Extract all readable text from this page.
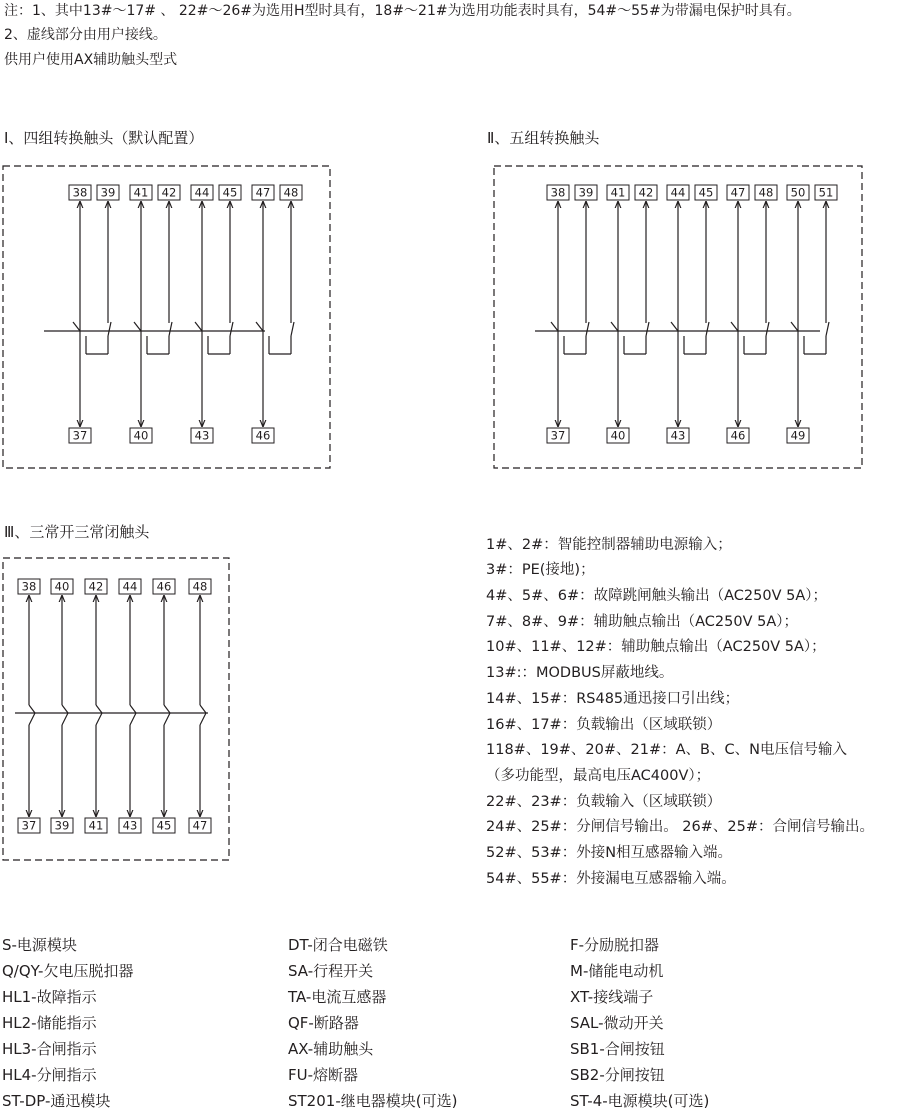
注：1、其中13#～17# 、 22#～26#为选用H型时具有，18#～21#为选用功能表时具有，54#～55#为带漏电保护时具有。
2、虚线部分由用户接线。
供用户使用AX辅助触头型式
Ⅰ、四组转换触头（默认配置）	Ⅱ、五组转换触头
Ⅲ、三常开三常闭触头
38 39
37
41 42
40
44 45
43
47 48
46
38 39
37
41 42
40
44 45
43
47 48
46
50 51
49
38
37
40
39
42
41
44
43
46
45
48
47
1#、2#：智能控制器辅助电源输入；
3#：PE(接地)；
4#、5#、6#：故障跳闸触头输出（AC250V 5A）；
7#、8#、9#：辅助触点输出（AC250V 5A）；
10#、11#、12#：辅助触点输出（AC250V 5A）；
13#:：MODBUS屏蔽地线。
14#、15#：RS485通迅接口引出线；
16#、17#：负载输出（区域联锁）
118#、19#、20#、21#：A、B、C、N电压信号输入
（多功能型，最高电压AC400V）；
22#、23#：负载输入（区域联锁）
24#、25#：分闸信号输出。 26#、25#：合闸信号输出。
52#、53#：外接N相互感器输入端。
54#、55#：外接漏电互感器输入端。
S-电源模块
Q/QY-欠电压脱扣器
HL1-故障指示
HL2-储能指示
HL3-合闸指示
HL4-分闸指示
ST-DP-通迅模块
DT-闭合电磁铁
SA-行程开关
TA-电流互感器
QF-断路器
AX-辅助触头
FU-熔断器
ST201-继电器模块(可选)
F-分励脱扣器
M-储能电动机
XT-接线端子
SAL-微动开关
SB1-合闸按钮
SB2-分闸按钮
ST-4-电源模块(可选)
